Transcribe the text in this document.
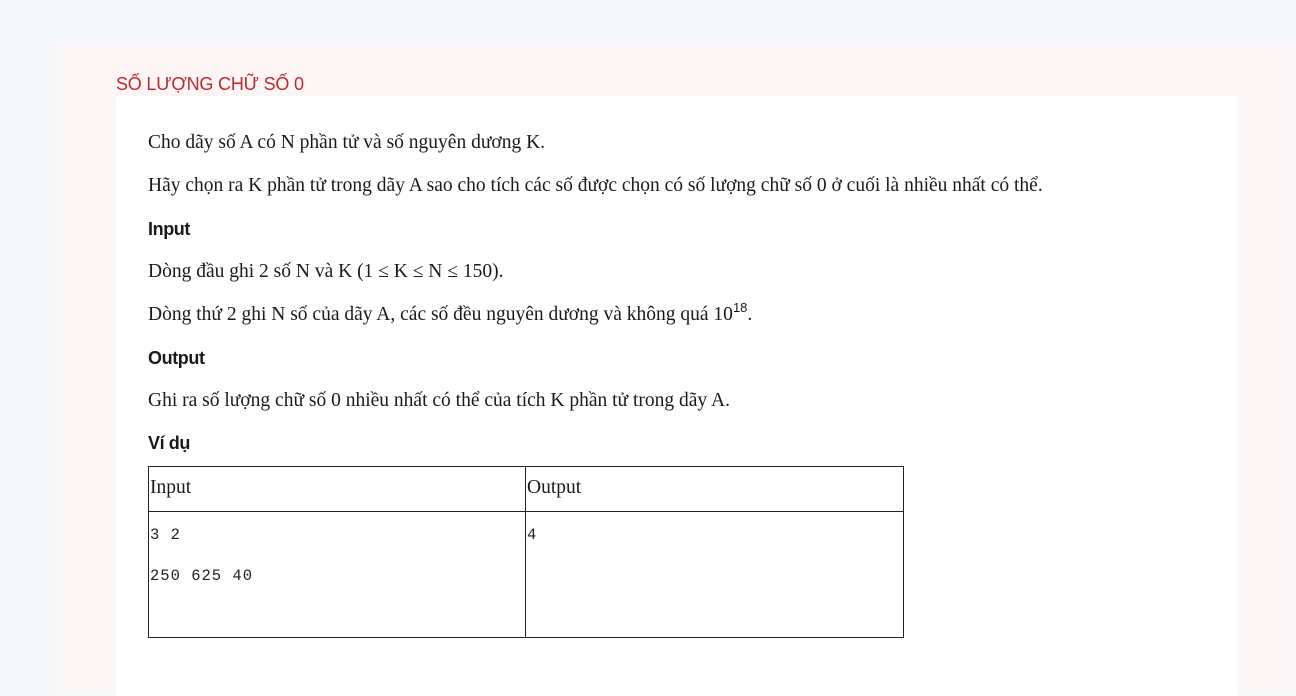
SỐ LƯỢNG CHỮ SỐ 0
Cho dãy số A có N phần tử và số nguyên dương K.
Hãy chọn ra K phần tử trong dãy A sao cho tích các số được chọn có số lượng chữ số 0 ở cuối là nhiều nhất có thể.
Input
Dòng đầu ghi 2 số N và K (1 ≤ K ≤ N ≤ 150).
Dòng thứ 2 ghi N số của dãy A, các số đều nguyên dương và không quá $10^{18}$.
Output
Ghi ra số lượng chữ số 0 nhiều nhất có thể của tích K phần tử trong dãy A.
Ví dụ
Input	Output

3 2
250 625 40	4
